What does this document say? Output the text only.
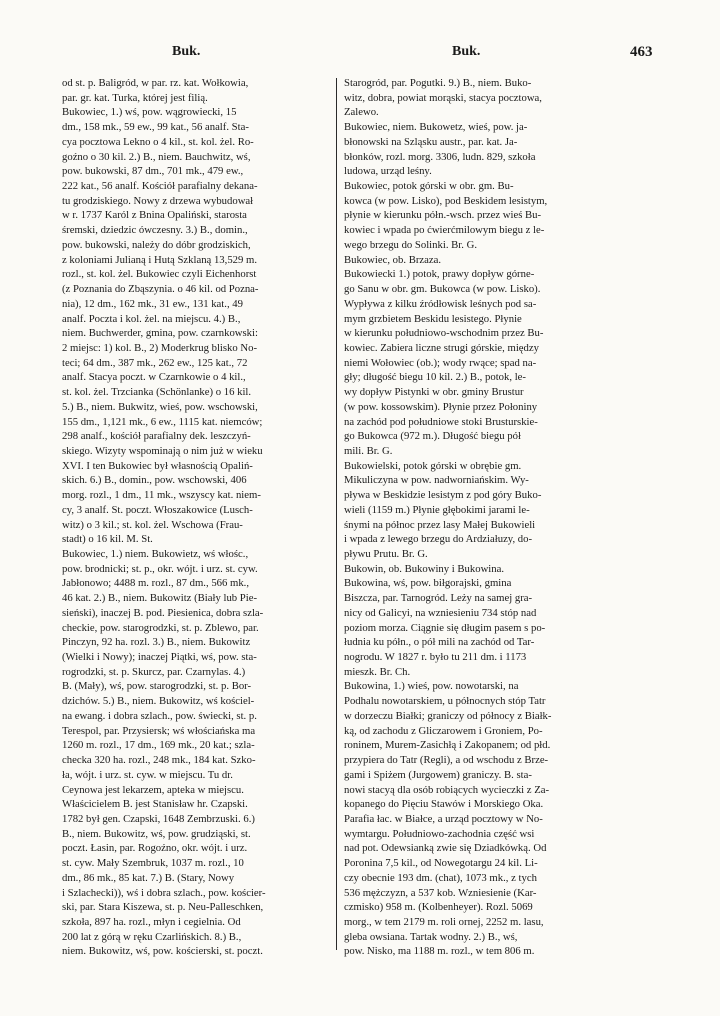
Buk.	Buk.	463
od st. p. Baligród, w par. rz. kat. Wołkowia,
par. gr. kat. Turka, której jest filią.
Bukowiec, 1.) wś, pow. wągrowiecki, 15
dm., 158 mk., 59 ew., 99 kat., 56 analf. Sta-
cya pocztowa Lekno o 4 kil., st. kol. żel. Ro-
goźno o 30 kil. 2.) B., niem. Bauchwitz, wś,
pow. bukowski, 87 dm., 701 mk., 479 ew.,
222 kat., 56 analf. Kościół parafialny dekana-
tu grodziskiego. Nowy z drzewa wybudował
w r. 1737 Karól z Bnina Opaliński, starosta
śremski, dziedzic ówczesny. 3.) B., domin.,
pow. bukowski, należy do dóbr grodziskich,
z koloniami Julianą i Hutą Szklaną 13,529 m.
rozl., st. kol. żel. Bukowiec czyli Eichenhorst
(z Poznania do Zbąszynia. o 46 kil. od Pozna-
nia), 12 dm., 162 mk., 31 ew., 131 kat., 49
analf. Poczta i kol. żel. na miejscu. 4.) B.,
niem. Buchwerder, gmina, pow. czarnkowski:
2 miejsc: 1) kol. B., 2) Moderkrug blisko No-
teci; 64 dm., 387 mk., 262 ew., 125 kat., 72
analf. Stacya poczt. w Czarnkowie o 4 kil.,
st. kol. żel. Trzcianka (Schönlanke) o 16 kil.
5.) B., niem. Bukwitz, wieś, pow. wschowski,
155 dm., 1,121 mk., 6 ew., 1115 kat. niemców;
298 analf., kościół parafialny dek. leszczyń-
skiego. Wizyty wspominają o nim już w wieku
XVI. I ten Bukowiec był własnością Opaliń-
skich. 6.) B., domin., pow. wschowski, 406
morg. rozl., 1 dm., 11 mk., wszyscy kat. niem-
cy, 3 analf. St. poczt. Włoszakowice (Lusch-
witz) o 3 kil.; st. kol. żel. Wschowa (Frau-
stadt) o 16 kil. M. St.
Bukowiec, 1.) niem. Bukowietz, wś włośc.,
pow. brodnicki; st. p., okr. wójt. i urz. st. cyw.
Jabłonowo; 4488 m. rozl., 87 dm., 566 mk.,
46 kat. 2.) B., niem. Bukowitz (Biały lub Pie-
sieński), inaczej B. pod. Piesienica, dobra szla-
checkie, pow. starogrodzki, st. p. Zblewo, par.
Pinczyn, 92 ha. rozl. 3.) B., niem. Bukowitz
(Wielki i Nowy); inaczej Piątki, wś, pow. sta-
rogrodzki, st. p. Skurcz, par. Czarnylas. 4.)
B. (Mały), wś, pow. starogrodzki, st. p. Bor-
dzichów. 5.) B., niem. Bukowitz, wś kościel-
na ewang. i dobra szlach., pow. świecki, st. p.
Terespol, par. Przysiersk; wś włościańska ma
1260 m. rozl., 17 dm., 169 mk., 20 kat.; szla-
checka 320 ha. rozl., 248 mk., 184 kat. Szko-
ła, wójt. i urz. st. cyw. w miejscu. Tu dr.
Ceynowa jest lekarzem, apteka w miejscu.
Właścicielem B. jest Stanisław hr. Czapski.
1782 był gen. Czapski, 1648 Zembrzuski. 6.)
B., niem. Bukowitz, wś, pow. grudziąski, st.
poczt. Łasin, par. Rogoźno, okr. wójt. i urz.
st. cyw. Mały Szembruk, 1037 m. rozl., 10
dm., 86 mk., 85 kat. 7.) B. (Stary, Nowy
i Szlachecki)), wś i dobra szlach., pow. kościer-
ski, par. Stara Kiszewa, st. p. Neu-Palleschken,
szkoła, 897 ha. rozl., młyn i cegielnia. Od
200 lat z górą w ręku Czarlińskich. 8.) B.,
niem. Bukowitz, wś, pow. kościerski, st. poczt.
Starogród, par. Pogutki. 9.) B., niem. Buko-
witz, dobra, powiat morąski, stacya pocztowa,
Zalewo.
Bukowiec, niem. Bukowetz, wieś, pow. ja-
błonowski na Szląsku austr., par. kat. Ja-
błonków, rozl. morg. 3306, ludn. 829, szkoła
ludowa, urząd leśny.
Bukowiec, potok górski w obr. gm. Bu-
kowca (w pow. Lisko), pod Beskidem lesistym,
płynie w kierunku półn.-wsch. przez wieś Bu-
kowiec i wpada po ćwierćmilowym biegu z le-
wego brzegu do Solinki. Br. G.
Bukowiec, ob. Brzaza.
Bukowiecki 1.) potok, prawy dopływ górne-
go Sanu w obr. gm. Bukowca (w pow. Lisko).
Wypływa z kilku źródłowisk leśnych pod sa-
mym grzbietem Beskidu lesistego. Płynie
w kierunku południowo-wschodnim przez Bu-
kowiec. Zabiera liczne strugi górskie, między
niemi Wołowiec (ob.); wody rwące; spad na-
gły; długość biegu 10 kil. 2.) B., potok, le-
wy dopływ Pistynki w obr. gminy Brustur
(w pow. kossowskim). Płynie przez Połoniny
na zachód pod południowe stoki Brusturskie-
go Bukowca (972 m.). Długość biegu pół
mili. Br. G.
Bukowielski, potok górski w obrębie gm.
Mikuliczyna w pow. nadworniańskim. Wy-
pływa w Beskidzie lesistym z pod góry Buko-
wieli (1159 m.) Płynie głębokimi jarami le-
śnymi na północ przez lasy Małej Bukowieli
i wpada z lewego brzegu do Ardziałuzy, do-
pływu Prutu. Br. G.
Bukowin, ob. Bukowiny i Bukowina.
Bukowina, wś, pow. biłgorajski, gmina
Biszcza, par. Tarnogród. Leży na samej gra-
nicy od Galicyi, na wzniesieniu 734 stóp nad
poziom morza. Ciągnie się długim pasem s po-
łudnia ku półn., o pół mili na zachód od Tar-
nogrodu. W 1827 r. było tu 211 dm. i 1173
mieszk. Br. Ch.
Bukowina, 1.) wieś, pow. nowotarski, na
Podhalu nowotarskiem, u północnych stóp Tatr
w dorzeczu Białki; graniczy od północy z Białk-
ką, od zachodu z Gliczarowem i Groniem, Po-
roninem, Murem-Zasichłą i Zakopanem; od płd.
przypiera do Tatr (Regli), a od wschodu z Brze-
gami i Spiżem (Jurgowem) graniczy. B. sta-
nowi stacyą dla osób robiących wycieczki z Za-
kopanego do Pięciu Stawów i Morskiego Oka.
Parafia łac. w Białce, a urząd pocztowy w No-
wymtargu. Południowo-zachodnia część wsi
nad pot. Odewsianką zwie się Dziadkówką. Od
Poronina 7,5 kil., od Nowegotargu 24 kil. Li-
czy obecnie 193 dm. (chat), 1073 mk., z tych
536 mężczyzn, a 537 kob. Wzniesienie (Kar-
czmisko) 958 m. (Kolbenheyer). Rozl. 5069
morg., w tem 2179 m. roli ornej, 2252 m. lasu,
gleba owsiana. Tartak wodny. 2.) B., wś,
pow. Nisko, ma 1188 m. rozl., w tem 806 m.
